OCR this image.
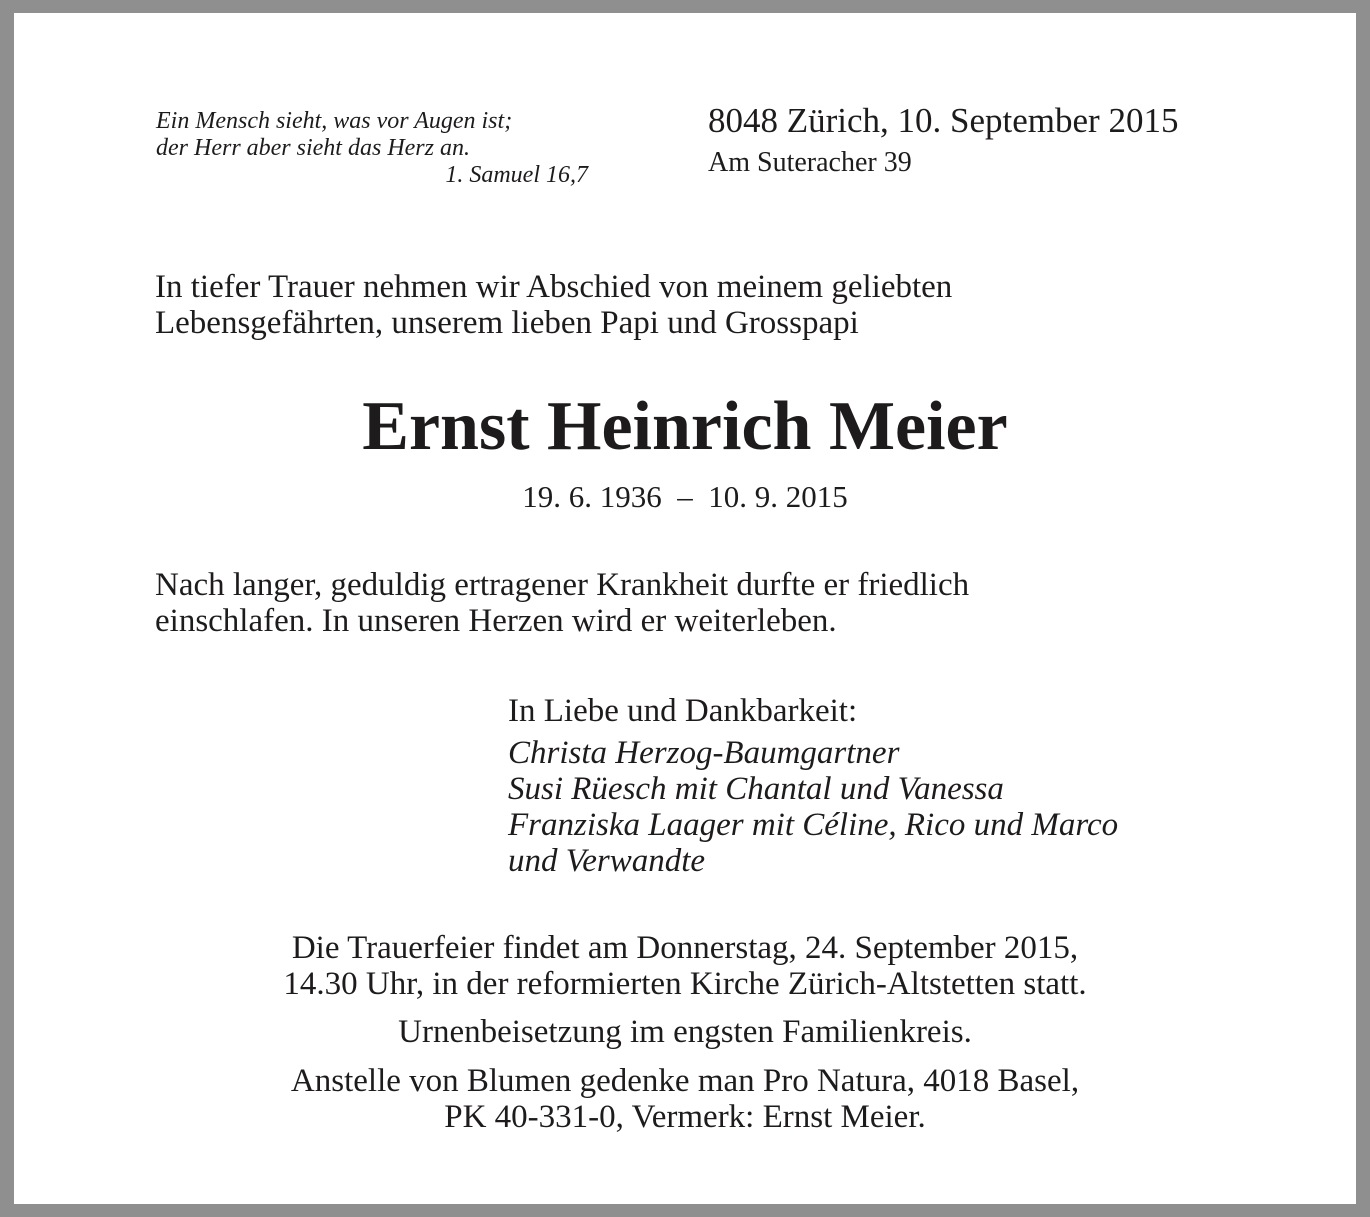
Ein Mensch sieht, was vor Augen ist;
der Herr aber sieht das Herz an.
1. Samuel 16,7
8048 Zürich, 10. September 2015
Am Suteracher 39
In tiefer Trauer nehmen wir Abschied von meinem geliebten
Lebensgefährten, unserem lieben Papi und Grosspapi
Ernst Heinrich Meier
19. 6. 1936  –  10. 9. 2015
Nach langer, geduldig ertragener Krankheit durfte er friedlich
einschlafen. In unseren Herzen wird er weiterleben.
In Liebe und Dankbarkeit:
Christa Herzog-Baumgartner
Susi Rüesch mit Chantal und Vanessa
Franziska Laager mit Céline, Rico und Marco
und Verwandte
Die Trauerfeier findet am Donnerstag, 24. September 2015,
14.30 Uhr, in der reformierten Kirche Zürich-Altstetten statt.
Urnenbeisetzung im engsten Familienkreis.
Anstelle von Blumen gedenke man Pro Natura, 4018 Basel,
PK 40-331-0, Vermerk: Ernst Meier.
